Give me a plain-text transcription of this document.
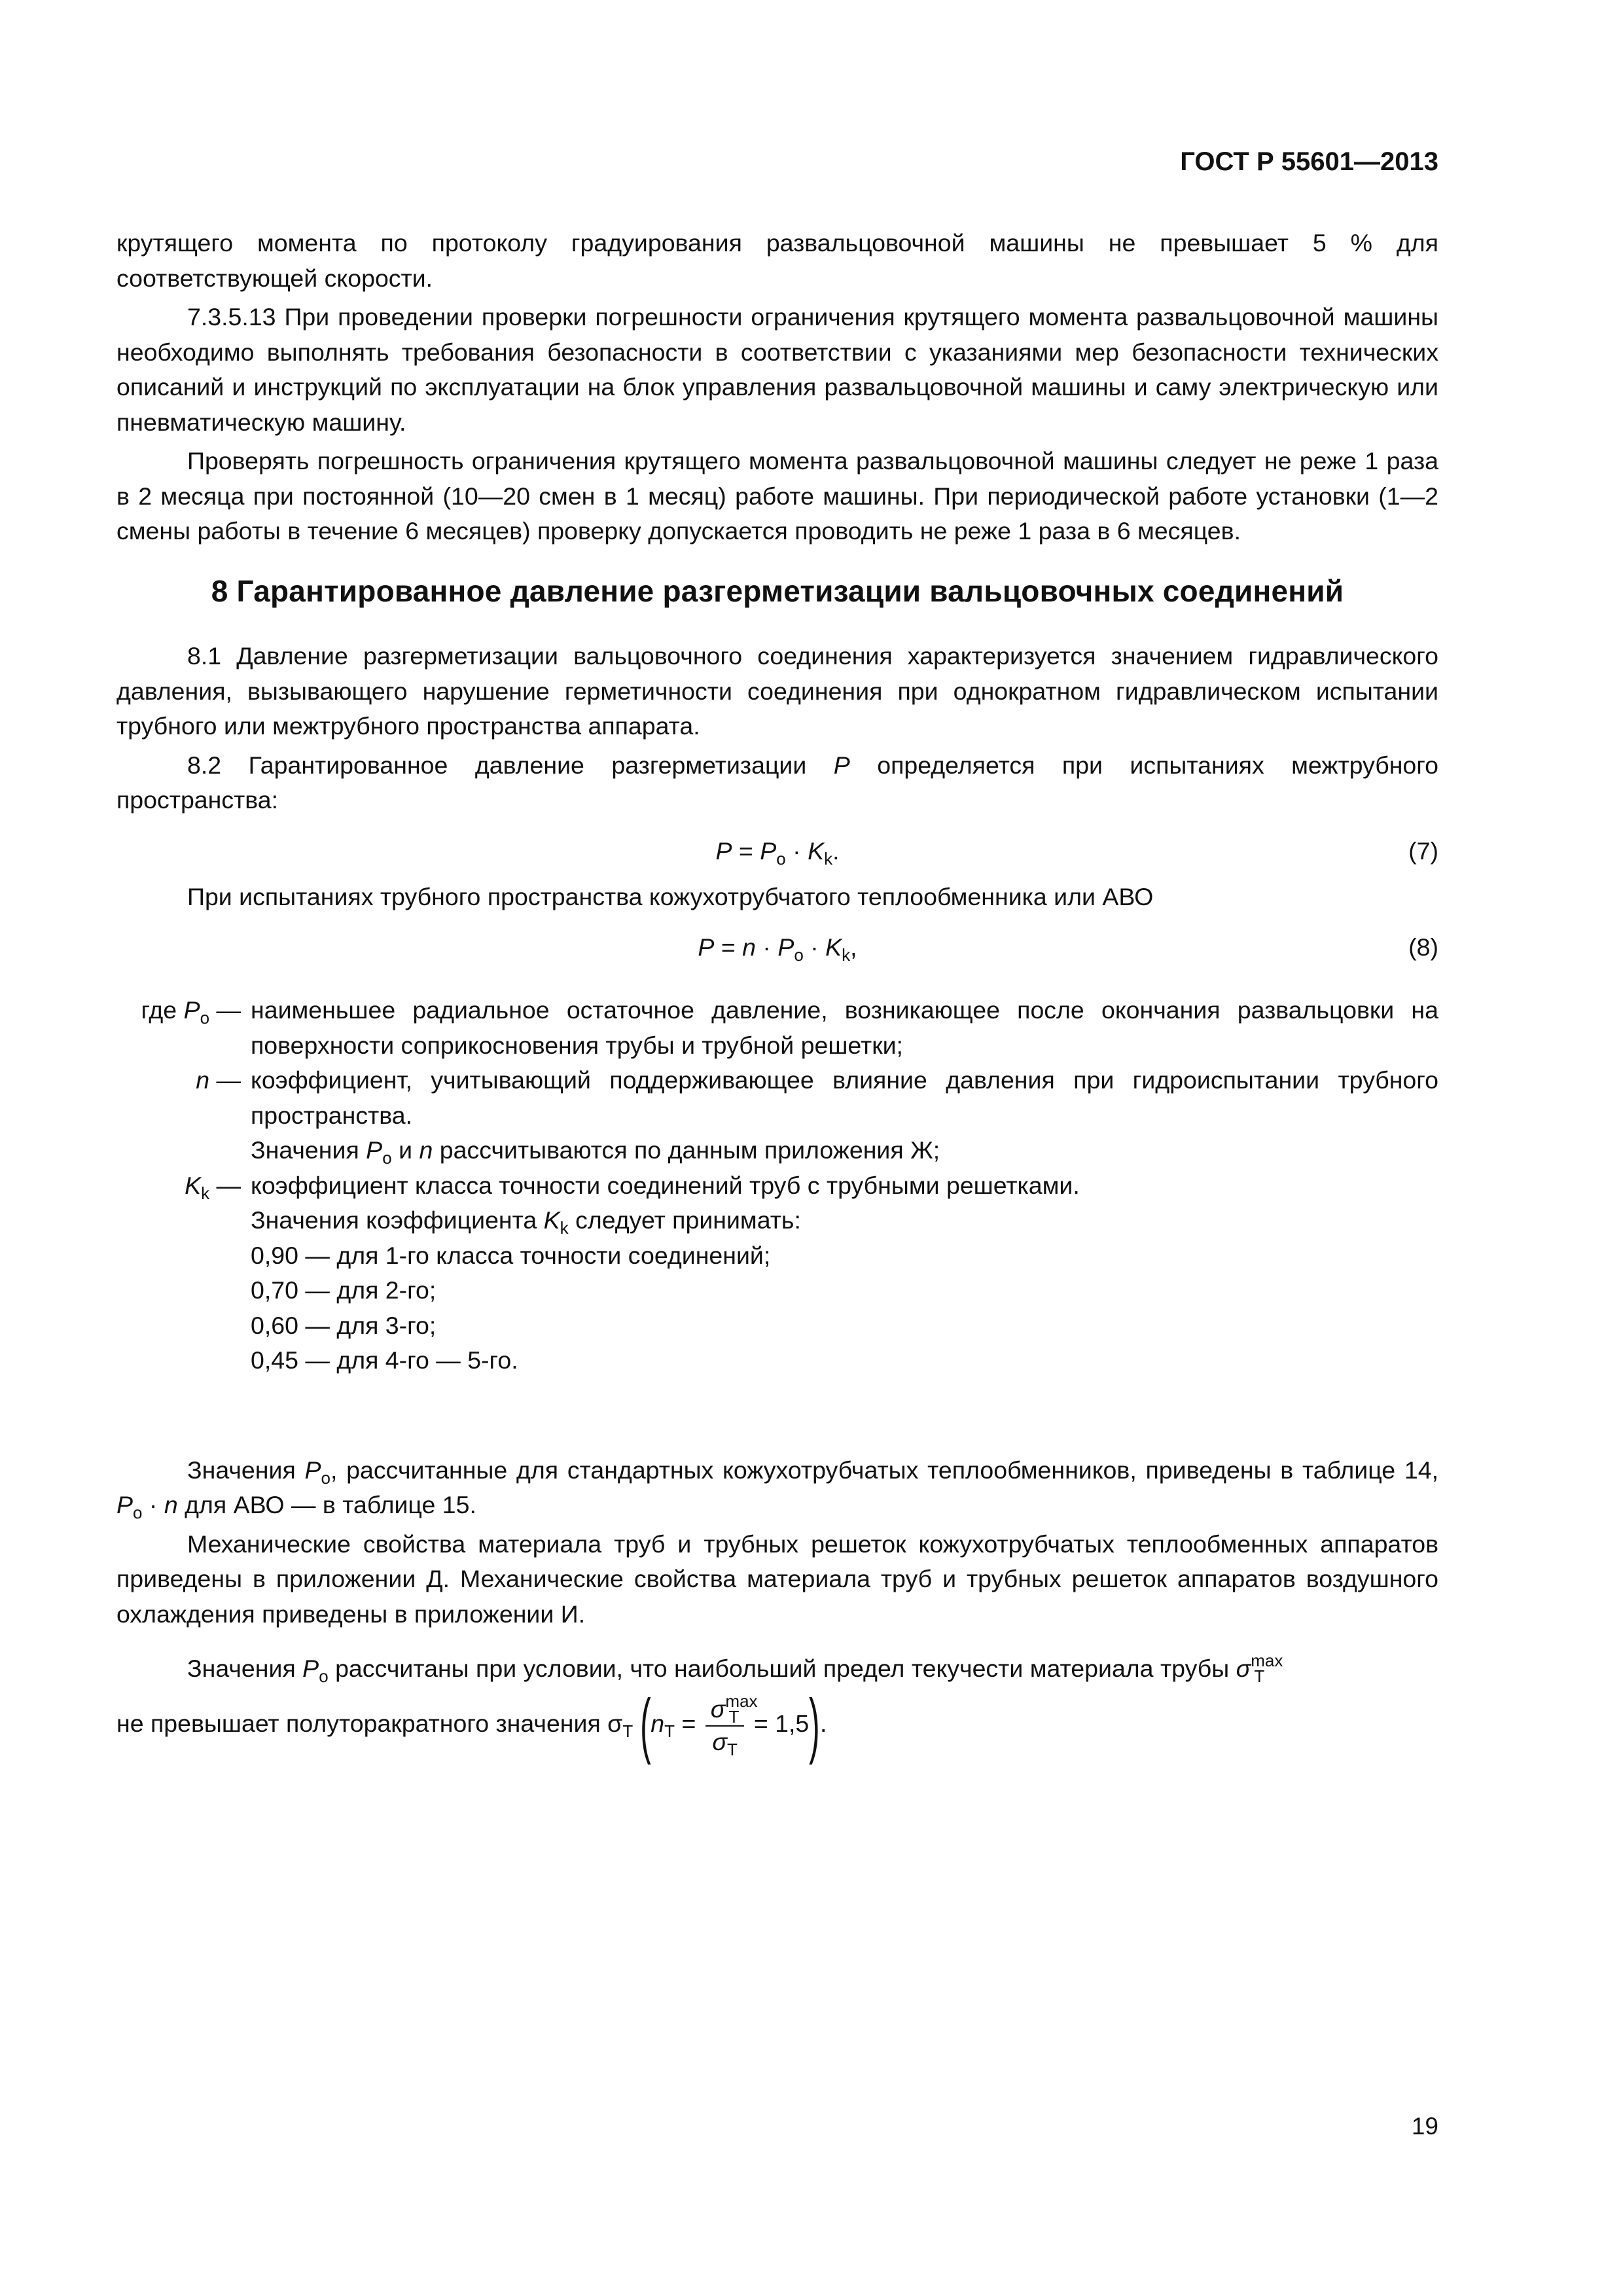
ГОСТ Р 55601—2013

крутящего момента по протоколу градуирования развальцовочной машины не превышает 5 % для соответствующей скорости.

7.3.5.13 При проведении проверки погрешности ограничения крутящего момента развальцовочной машины необходимо выполнять требования безопасности в соответствии с указаниями мер безопасности технических описаний и инструкций по эксплуатации на блок управления развальцовочной машины и саму электрическую или пневматическую машину.

Проверять погрешность ограничения крутящего момента развальцовочной машины следует не реже 1 раза в 2 месяца при постоянной (10—20 смен в 1 месяц) работе машины. При периодической работе установки (1—2 смены работы в течение 6 месяцев) проверку допускается проводить не реже 1 раза в 6 месяцев.

8 Гарантированное давление разгерметизации вальцовочных соединений

8.1 Давление разгерметизации вальцовочного соединения характеризуется значением гидравлического давления, вызывающего нарушение герметичности соединения при однократном гидравлическом испытании трубного или межтрубного пространства аппарата.

8.2 Гарантированное давление разгерметизации P определяется при испытаниях межтрубного пространства:

$P = P_о \cdot K_k$.	(7)

При испытаниях трубного пространства кожухотрубчатого теплообменника или АВО

$P = n \cdot P_о \cdot K_k$,	(8)
где $P_о$ — наименьшее радиальное остаточное давление, возникающее после окончания развальцовки на поверхности соприкосновения трубы и трубной решетки;

n — коэффициент, учитывающий поддерживающее влияние давления при гидроиспытании трубного пространства.

Значения $P_о$ и n рассчитываются по данным приложения Ж;
$K_k$ — коэффициент класса точности соединений труб с трубными решетками.

Значения коэффициента $K_k$ следует принимать:
0,90 — для 1-го класса точности соединений;
0,70 — для 2-го;
0,60 — для 3-го;
0,45 — для 4-го — 5-го.

Значения $P_о$, рассчитанные для стандартных кожухотрубчатых теплообменников, приведены в таблице 14, $P_о \cdot n$ для АВО — в таблице 15.

Механические свойства материала труб и трубных решеток кожухотрубчатых теплообменных аппаратов приведены в приложении Д. Механические свойства материала труб и трубных решеток аппаратов воздушного охлаждения приведены в приложении И.

Значения $P_о$ рассчитаны при условии, что наибольший предел текучести материала трубы $\sigma^{max}_T$

не превышает полуторакратного значения $\sigma_T$ $(n_T = \frac{\sigma^{max}_T}{\sigma_T} = 1,5)$.

19
